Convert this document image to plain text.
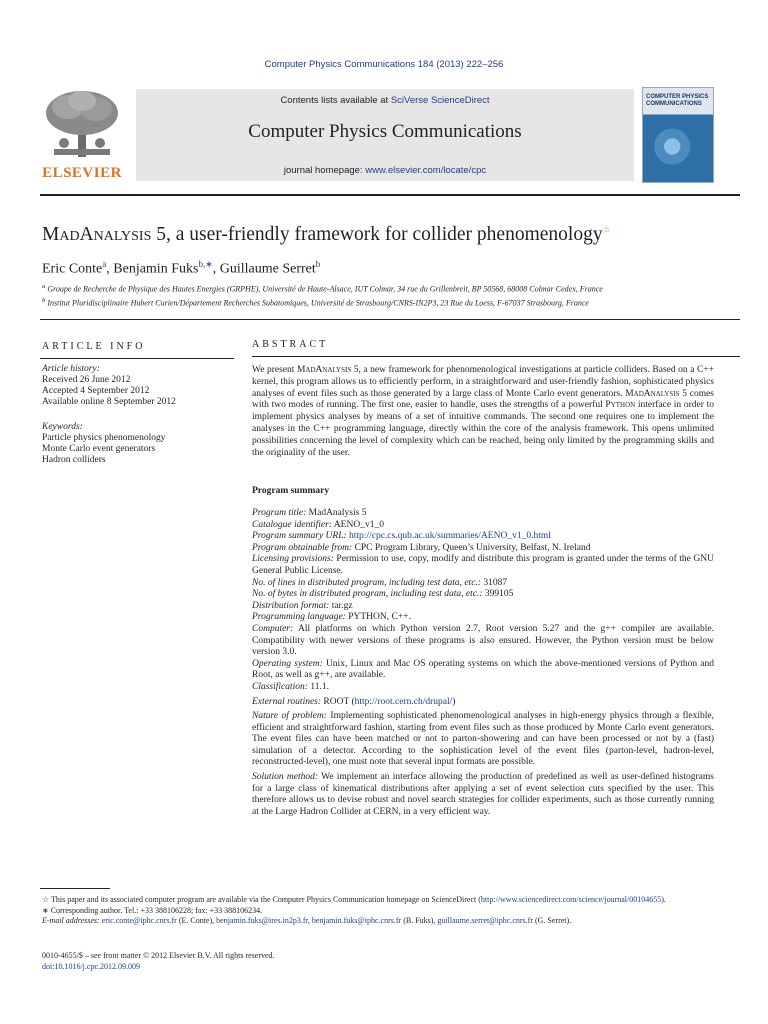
Computer Physics Communications 184 (2013) 222–256
ELSEVIER
Contents lists available at SciVerse ScienceDirect
Computer Physics Communications
journal homepage: www.elsevier.com/locate/cpc
COMPUTER PHYSICS COMMUNICATIONS
MadAnalysis 5, a user-friendly framework for collider phenomenology☆
Eric Conte$^a$, Benjamin Fuks$^{b,∗}$, Guillaume Serret$^b$
$^a$ Groupe de Recherche de Physique des Hautes Energies (GRPHE), Université de Haute-Alsace, IUT Colmar, 34 rue du Grillenbreit, BP 50568, 68008 Colmar Cedex, France
$^b$ Institut Pluridisciplinaire Hubert Curien/Département Recherches Subatomiques, Université de Strasbourg/CNRS-IN2P3, 23 Rue du Loess, F-67037 Strasbourg, France
ARTICLE INFO
Article history:
Received 26 June 2012
Accepted 4 September 2012
Available online 8 September 2012
Keywords:
Particle physics phenomenology
Monte Carlo event generators
Hadron colliders
ABSTRACT
We present MadAnalysis 5, a new framework for phenomenological investigations at particle colliders. Based on a C++ kernel, this program allows us to efficiently perform, in a straightforward and user-friendly fashion, sophisticated physics analyses of event files such as those generated by a large class of Monte Carlo event generators. MadAnalysis 5 comes with two modes of running. The first one, easier to handle, uses the strengths of a powerful Python interface in order to implement physics analyses by means of a set of intuitive commands. The second one requires one to implement the analyses in the C++ programming language, directly within the core of the analysis framework. This opens unlimited possibilities concerning the level of complexity which can be reached, being only limited by the programming skills and the originality of the user.
Program summary

Program title: MadAnalysis 5

Catalogue identifier: AENO_v1_0

Program summary URL: http://cpc.cs.qub.ac.uk/summaries/AENO_v1_0.html

Program obtainable from: CPC Program Library, Queen’s University, Belfast, N. Ireland

Licensing provisions: Permission to use, copy, modify and distribute this program is granted under the terms of the GNU General Public License.

No. of lines in distributed program, including test data, etc.: 31087

No. of bytes in distributed program, including test data, etc.: 399105

Distribution format: tar.gz

Programming language: PYTHON, C++.

Computer: All platforms on which Python version 2.7, Root version 5.27 and the g++ compiler are available. Compatibility with newer versions of these programs is also ensured. However, the Python version must be below version 3.0.

Operating system: Unix, Linux and Mac OS operating systems on which the above-mentioned versions of Python and Root, as well as g++, are available.

Classification: 11.1.

External routines: ROOT (http://root.cern.ch/drupal/)

Nature of problem: Implementing sophisticated phenomenological analyses in high-energy physics through a flexible, efficient and straightforward fashion, starting from event files such as those produced by Monte Carlo event generators. The event files can have been matched or not to parton-showering and can have been processed or not by a (fast) simulation of a detector. According to the sophistication level of the event files (parton-level, hadron-level, reconstructed-level), one must note that several input formats are possible.

Solution method: We implement an interface allowing the production of predefined as well as user-defined histograms for a large class of kinematical distributions after applying a set of event selection cuts specified by the user. This therefore allows us to devise robust and novel search strategies for collider experiments, such as those currently running at the Large Hadron Collider at CERN, in a very efficient way.

☆ This paper and its associated computer program are available via the Computer Physics Communication homepage on ScienceDirect (http://www.sciencedirect.com/science/journal/00104655).

∗ Corresponding author. Tel.: +33 388106228; fax: +33 388106234.

E-mail addresses: eric.conte@iphc.cnrs.fr (E. Conte), benjamin.fuks@ires.in2p3.fr, benjamin.fuks@iphc.cnrs.fr (B. Fuks), guillaume.serret@iphc.cnrs.fr (G. Serret).

0010-4655/$ – see front matter © 2012 Elsevier B.V. All rights reserved.

doi:10.1016/j.cpc.2012.09.009
